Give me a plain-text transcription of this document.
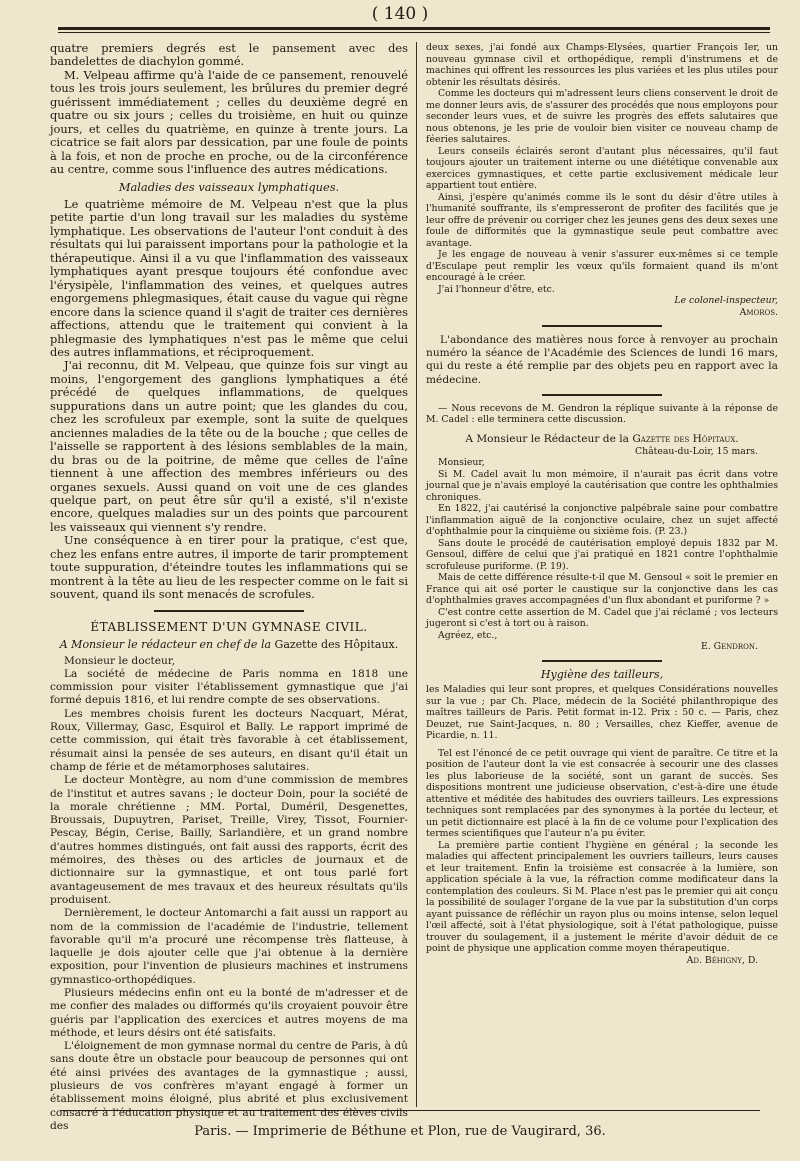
( 140 )

quatre premiers degrés est le pansement avec des bandelettes de diachylon gommé.

M. Velpeau affirme qu'à l'aide de ce pansement, renouvelé tous les trois jours seulement, les brûlures du premier degré guérissent immédiatement ; celles du deuxième degré en quatre ou six jours ; celles du troisième, en huit ou quinze jours, et celles du quatrième, en quinze à trente jours. La cicatrice se fait alors par dessication, par une foule de points à la fois, et non de proche en proche, ou de la circonférence au centre, comme sous l'influence des autres médications.

Maladies des vaisseaux lymphatiques.

Le quatrième mémoire de M. Velpeau n'est que la plus petite partie d'un long travail sur les maladies du système lymphatique. Les observations de l'auteur l'ont conduit à des résultats qui lui paraissent importans pour la pathologie et la thérapeutique. Ainsi il a vu que l'inflammation des vaisseaux lymphatiques ayant presque toujours été confondue avec l'érysipèle, l'inflammation des veines, et quelques autres engorgemens phlegmasiques, était cause du vague qui règne encore dans la science quand il s'agit de traiter ces dernières affections, attendu que le traitement qui convient à la phlegmasie des lymphatiques n'est pas le même que celui des autres inflammations, et réciproquement.

J'ai reconnu, dit M. Velpeau, que quinze fois sur vingt au moins, l'engorgement des ganglions lymphatiques a été précédé de quelques inflammations, de quelques suppurations dans un autre point; que les glandes du cou, chez les scrofuleux par exemple, sont la suite de quelques anciennes maladies de la tête ou de la bouche ; que celles de l'aisselle se rapportent à des lésions semblables de la main, du bras ou de la poitrine, de même que celles de l'aîne tiennent à une affection des membres inférieurs ou des organes sexuels. Aussi quand on voit une de ces glandes quelque part, on peut être sûr qu'il a existé, s'il n'existe encore, quelques maladies sur un des points que parcourent les vaisseaux qui viennent s'y rendre.

Une conséquence à en tirer pour la pratique, c'est que, chez les enfans entre autres, il importe de tarir promptement toute suppuration, d'éteindre toutes les inflammations qui se montrent à la tête au lieu de les respecter comme on le fait si souvent, quand ils sont menacés de scrofules.

ÉTABLISSEMENT D'UN GYMNASE CIVIL.

A Monsieur le rédacteur en chef de la Gazette des Hôpitaux.

Monsieur le docteur,

La société de médecine de Paris nomma en 1818 une commission pour visiter l'établissement gymnastique que j'ai formé depuis 1816, et lui rendre compte de ses observations.

Les membres choisis furent les docteurs Nacquart, Mérat, Roux, Villermay, Gasc, Esquirol et Bally. Le rapport imprimé de cette commission, qui était très favorable à cet établissement, résumait ainsi la pensée de ses auteurs, en disant qu'il était un champ de férie et de métamorphoses salutaires.

Le docteur Montègre, au nom d'une commission de membres de l'institut et autres savans ; le docteur Doin, pour la société de la morale chrétienne ; MM. Portal, Duméril, Desgenettes, Broussais, Dupuytren, Pariset, Treille, Virey, Tissot, Fournier-Pescay, Bégin, Cerise, Bailly, Sarlandière, et un grand nombre d'autres hommes distingués, ont fait aussi des rapports, écrit des mémoires, des thèses ou des articles de journaux et de dictionnaire sur la gymnastique, et ont tous parlé fort avantageusement de mes travaux et des heureux résultats qu'ils produisent.

Dernièrement, le docteur Antomarchi a fait aussi un rapport au nom de la commission de l'académie de l'industrie, tellement favorable qu'il m'a procuré une récompense très flatteuse, à laquelle je dois ajouter celle que j'ai obtenue à la dernière exposition, pour l'invention de plusieurs machines et instrumens gymnastico-orthopédiques.

Plusieurs médecins enfin ont eu la bonté de m'adresser et de me confier des malades ou difformés qu'ils croyaient pouvoir être guéris par l'application des exercices et autres moyens de ma méthode, et leurs désirs ont été satisfaits.

L'éloignement de mon gymnase normal du centre de Paris, à dû sans doute être un obstacle pour beaucoup de personnes qui ont été ainsi privées des avantages de la gymnastique ; aussi, plusieurs de vos confrères m'ayant engagé à former un établissement moins éloigné, plus abrité et plus exclusivement consacré à l'éducation physique et au traitement des élèves civils des

deux sexes, j'ai fondé aux Champs-Elysées, quartier François Ier, un nouveau gymnase civil et orthopédique, rempli d'instrumens et de machines qui offrent les ressources les plus variées et les plus utiles pour obtenir les résultats désirés.

Comme les docteurs qui m'adressent leurs cliens conservent le droit de me donner leurs avis, de s'assurer des procédés que nous employons pour seconder leurs vues, et de suivre les progrès des effets salutaires que nous obtenons, je les prie de vouloir bien visiter ce nouveau champ de féeries salutaires.

Leurs conseils éclairés seront d'autant plus nécessaires, qu'il faut toujours ajouter un traitement interne ou une diététique convenable aux exercices gymnastiques, et cette partie exclusivement médicale leur appartient tout entière.

Ainsi, j'espère qu'animés comme ils le sont du désir d'être utiles à l'humanité souffrante, ils s'empresseront de profiter des facilités que je leur offre de prévenir ou corriger chez les jeunes gens des deux sexes une foule de difformités que la gymnastique seule peut combattre avec avantage.

Je les engage de nouveau à venir s'assurer eux-mêmes si ce temple d'Esculape peut remplir les vœux qu'ils formaient quand ils m'ont encouragé à le créer.

J'ai l'honneur d'être, etc.

Le colonel-inspecteur,

Amoros.

L'abondance des matières nous force à renvoyer au prochain numéro la séance de l'Académie des Sciences de lundi 16 mars, qui du reste a été remplie par des objets peu en rapport avec la médecine.

— Nous recevons de M. Gendron la réplique suivante à la réponse de M. Cadel : elle terminera cette discussion.

A Monsieur le Rédacteur de la Gazette des Hôpitaux.

Château-du-Loir, 15 mars.

Monsieur,

Si M. Cadel avait lu mon mémoire, il n'aurait pas écrit dans votre journal que je n'avais employé la cautérisation que contre les ophthalmies chroniques.

En 1822, j'ai cautérisé la conjonctive palpébrale saine pour combattre l'inflammation aiguë de la conjonctive oculaire, chez un sujet affecté d'ophthalmie pour la cinquième ou sixième fois. (P. 23.)

Sans doute le procédé de cautérisation employé depuis 1832 par M. Gensoul, diffère de celui que j'ai pratiqué en 1821 contre l'ophthalmie scrofuleuse puriforme. (P. 19).

Mais de cette différence résulte-t-il que M. Gensoul « soit le premier en France qui ait osé porter le caustique sur la conjonctive dans les cas d'ophthalmies graves accompagnées d'un flux abondant et puriforme ? »

C'est contre cette assertion de M. Cadel que j'ai réclamé ; vos lecteurs jugeront si c'est à tort ou à raison.

Agréez, etc.,

E. Gendron.

Hygiène des tailleurs,

les Maladies qui leur sont propres, et quelques Considérations nouvelles sur la vue ; par Ch. Place, médecin de la Société philanthropique des maîtres tailleurs de Paris. Petit format in-12. Prix : 50 c. — Paris, chez Deuzet, rue Saint-Jacques, n. 80 ; Versailles, chez Kieffer, avenue de Picardie, n. 11.

Tel est l'énoncé de ce petit ouvrage qui vient de paraître. Ce titre et la position de l'auteur dont la vie est consacrée à secourir une des classes les plus laborieuse de la société, sont un garant de succès. Ses dispositions montrent une judicieuse observation, c'est-à-dire une étude attentive et méditée des habitudes des ouvriers tailleurs. Les expressions techniques sont remplacées par des synonymes à la portée du lecteur, et un petit dictionnaire est placé à la fin de ce volume pour l'explication des termes scientifiques que l'auteur n'a pu éviter.

La première partie contient l'hygiène en général ; la seconde les maladies qui affectent principalement les ouvriers tailleurs, leurs causes et leur traitement. Enfin la troisième est consacrée à la lumière, son application spéciale à la vue, la réfraction comme modificateur dans la contemplation des couleurs. Si M. Place n'est pas le premier qui ait conçu la possibilité de soulager l'organe de la vue par la substitution d'un corps ayant puissance de réfléchir un rayon plus ou moins intense, selon lequel l'œil affecté, soit à l'état physiologique, soit à l'état pathologique, puisse trouver du soulagement, il a justement le mérite d'avoir déduit de ce point de physique une application comme moyen thérapeutique.

Ad. Béhigny, D.

Paris. — Imprimerie de Béthune et Plon, rue de Vaugirard, 36.
